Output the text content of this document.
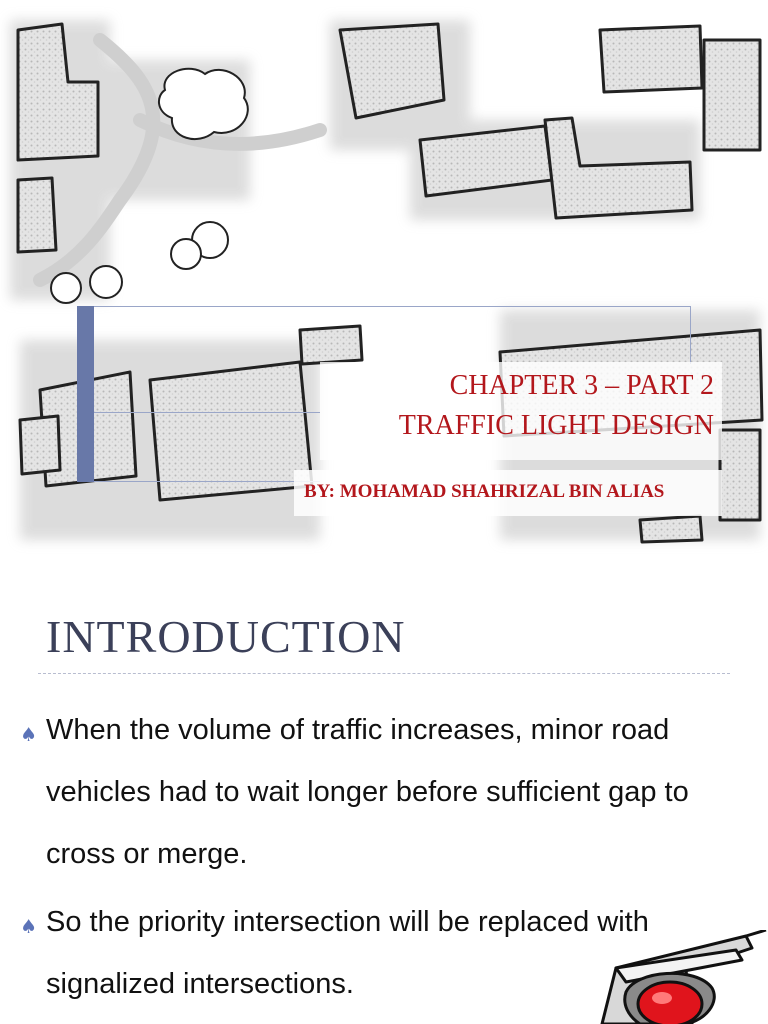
CHAPTER 3 – PART 2

TRAFFIC LIGHT DESIGN

BY: MOHAMAD SHAHRIZAL BIN ALIAS

INTRODUCTION
♠ When the volume of traffic increases, minor road

vehicles had to wait longer before sufficient gap to

cross or merge.

♠ So the priority intersection will be replaced with

signalized intersections.
